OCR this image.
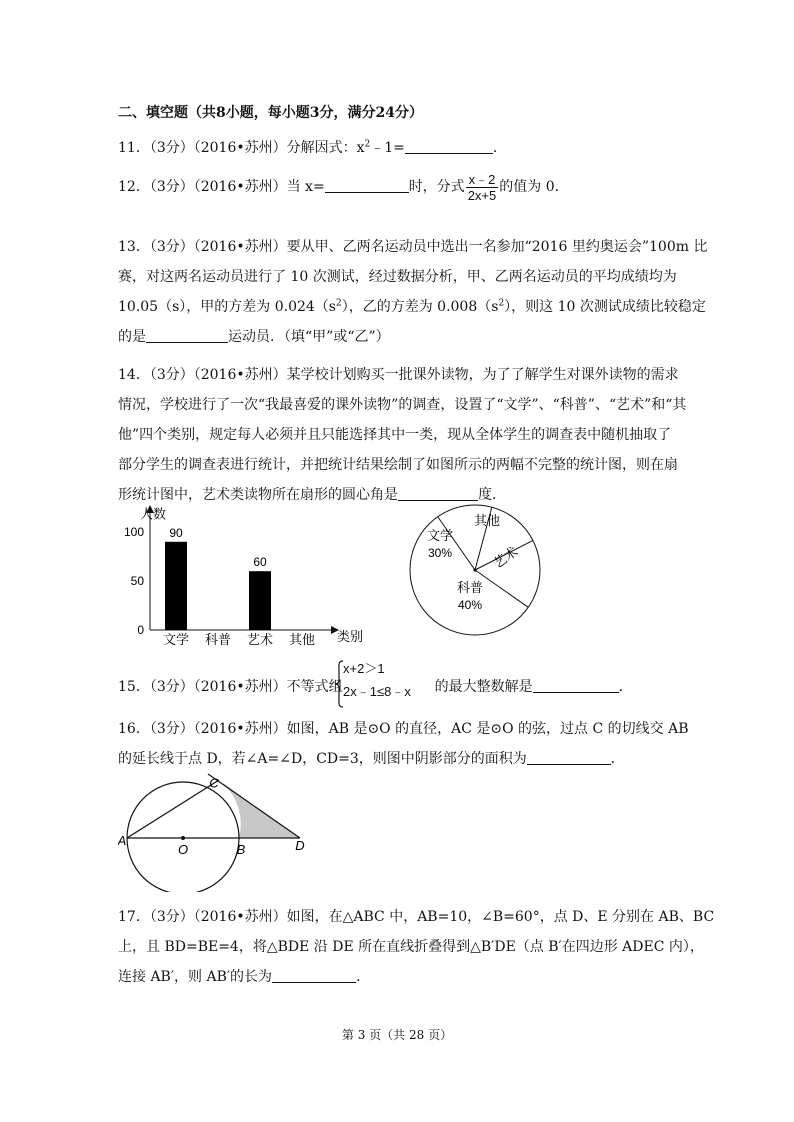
二、填空题（共8小题，每小题3分，满分24分）
11．（3分）（2016•苏州）分解因式：$x^2﹣1=$	．
12．（3分）（2016•苏州）当 x=	时，分式 $\frac{x﹣2}{2x+5}$ 的值为 0．
13．（3分）（2016•苏州）要从甲、乙两名运动员中选出一名参加“2016 里约奥运会”100m 比
赛，对这两名运动员进行了 10 次测试，经过数据分析，甲、乙两名运动员的平均成绩均为
10.05（s），甲的方差为 $0.024(s^2)$，乙的方差为 $0.008(s^2)$，则这 10 次测试成绩比较稳定
的是	运动员．（填“甲”或“乙”）
14．（3分）（2016•苏州）某学校计划购买一批课外读物，为了了解学生对课外读物的需求
情况，学校进行了一次“我最喜爱的课外读物”的调查，设置了“文学”、“科普”、“艺术”和“其
他”四个类别，规定每人必须并且只能选择其中一类，现从全体学生的调查表中随机抽取了
部分学生的调查表进行统计，并把统计结果绘制了如图所示的两幅不完整的统计图，则在扇
形统计图中，艺术类读物所在扇形的圆心角是	度．
人数
类别
0
50
100 90
文学 科普
60
艺术 其他
文学
30%
其他
艺术
科普
40%
15．（3分）（2016•苏州）不等式组	的最大整数解是	．
x+2＞1
2x﹣1≤8﹣x
16．（3分）（2016•苏州）如图，AB 是⊙O 的直径，AC 是⊙O 的弦，过点 C 的切线交 AB
的延长线于点 D，若∠A=∠D，CD=3，则图中阴影部分的面积为	．
A
O	B
C
D
17．（3分）（2016•苏州）如图，在△ABC 中，AB=10，∠B=60°，点 D、E 分别在 AB、BC
上，且 BD=BE=4，将△BDE 沿 DE 所在直线折叠得到△B′DE（点 B′在四边形 ADEC 内），
连接 AB′，则 AB′的长为	．
第 3 页（共 28 页）
